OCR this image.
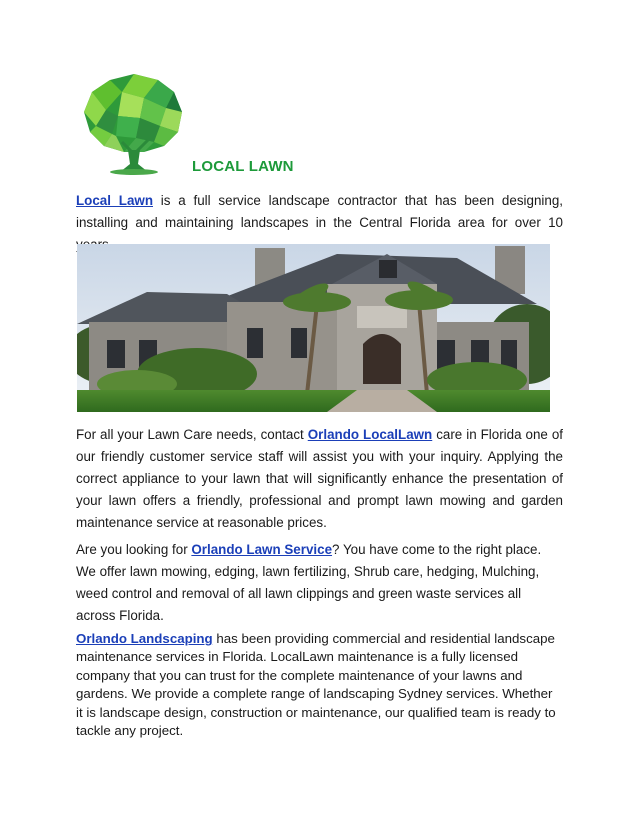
LOCAL LAWN

Local Lawn is a full service landscape contractor that has been designing, installing and maintaining landscapes in the Central Florida area for over 10

For all your Lawn Care needs, contact Orlando LocalLawn care in Florida one of our friendly customer service staff will assist you with your inquiry. Applying the correct appliance to your lawn that will significantly enhance the presentation of your lawn offers a friendly, professional and prompt lawn mowing and garden maintenance service at reasonable prices.

Are you looking for Orlando Lawn Service? You have come to the right place. We offer lawn mowing, edging, lawn fertilizing, Shrub care, hedging, Mulching, weed control and removal of all lawn clippings and green waste services all across Florida.

Orlando Landscaping has been providing commercial and residential landscape maintenance services in Florida. LocalLawn maintenance is a fully licensed company that you can trust for the complete maintenance of your lawns and gardens. We provide a complete range of landscaping Sydney services. Whether it is landscape design, construction or maintenance, our qualified team is ready to tackle any project.
